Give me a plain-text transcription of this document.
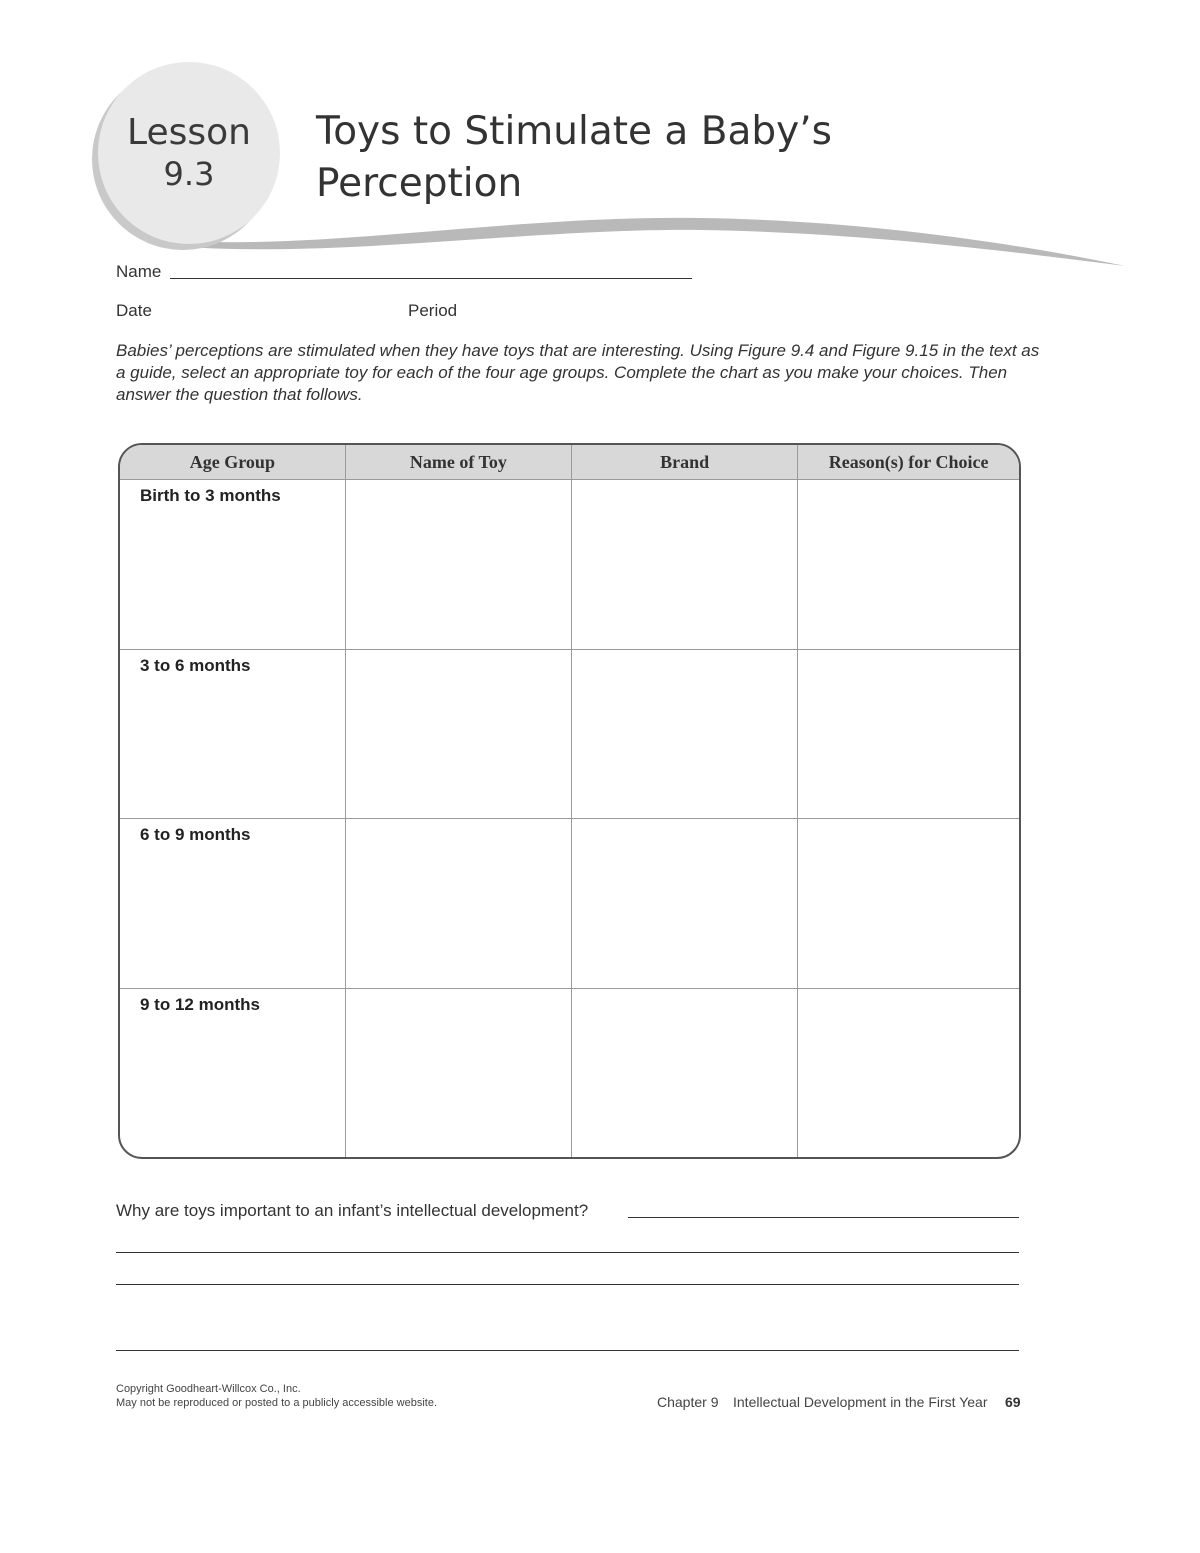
Lesson
9.3
Toys to Stimulate a Baby’s
Perception
Name
Date	Period
Babies’ perceptions are stimulated when they have toys that are interesting. Using Figure 9.4 and Figure 9.15 in the text as a guide, select an appropriate toy for each of the four age groups. Complete the chart as you make your choices. Then answer the question that follows.
Age Group	Name of Toy	Brand	Reason(s) for Choice
Birth to 3 months			
3 to 6 months			
6 to 9 months			
9 to 12 months			
Why are toys important to an infant’s intellectual development?
Copyright Goodheart-Willcox Co., Inc.
May not be reproduced or posted to a publicly accessible website.	Chapter 9 Intellectual Development in the First Year 69
